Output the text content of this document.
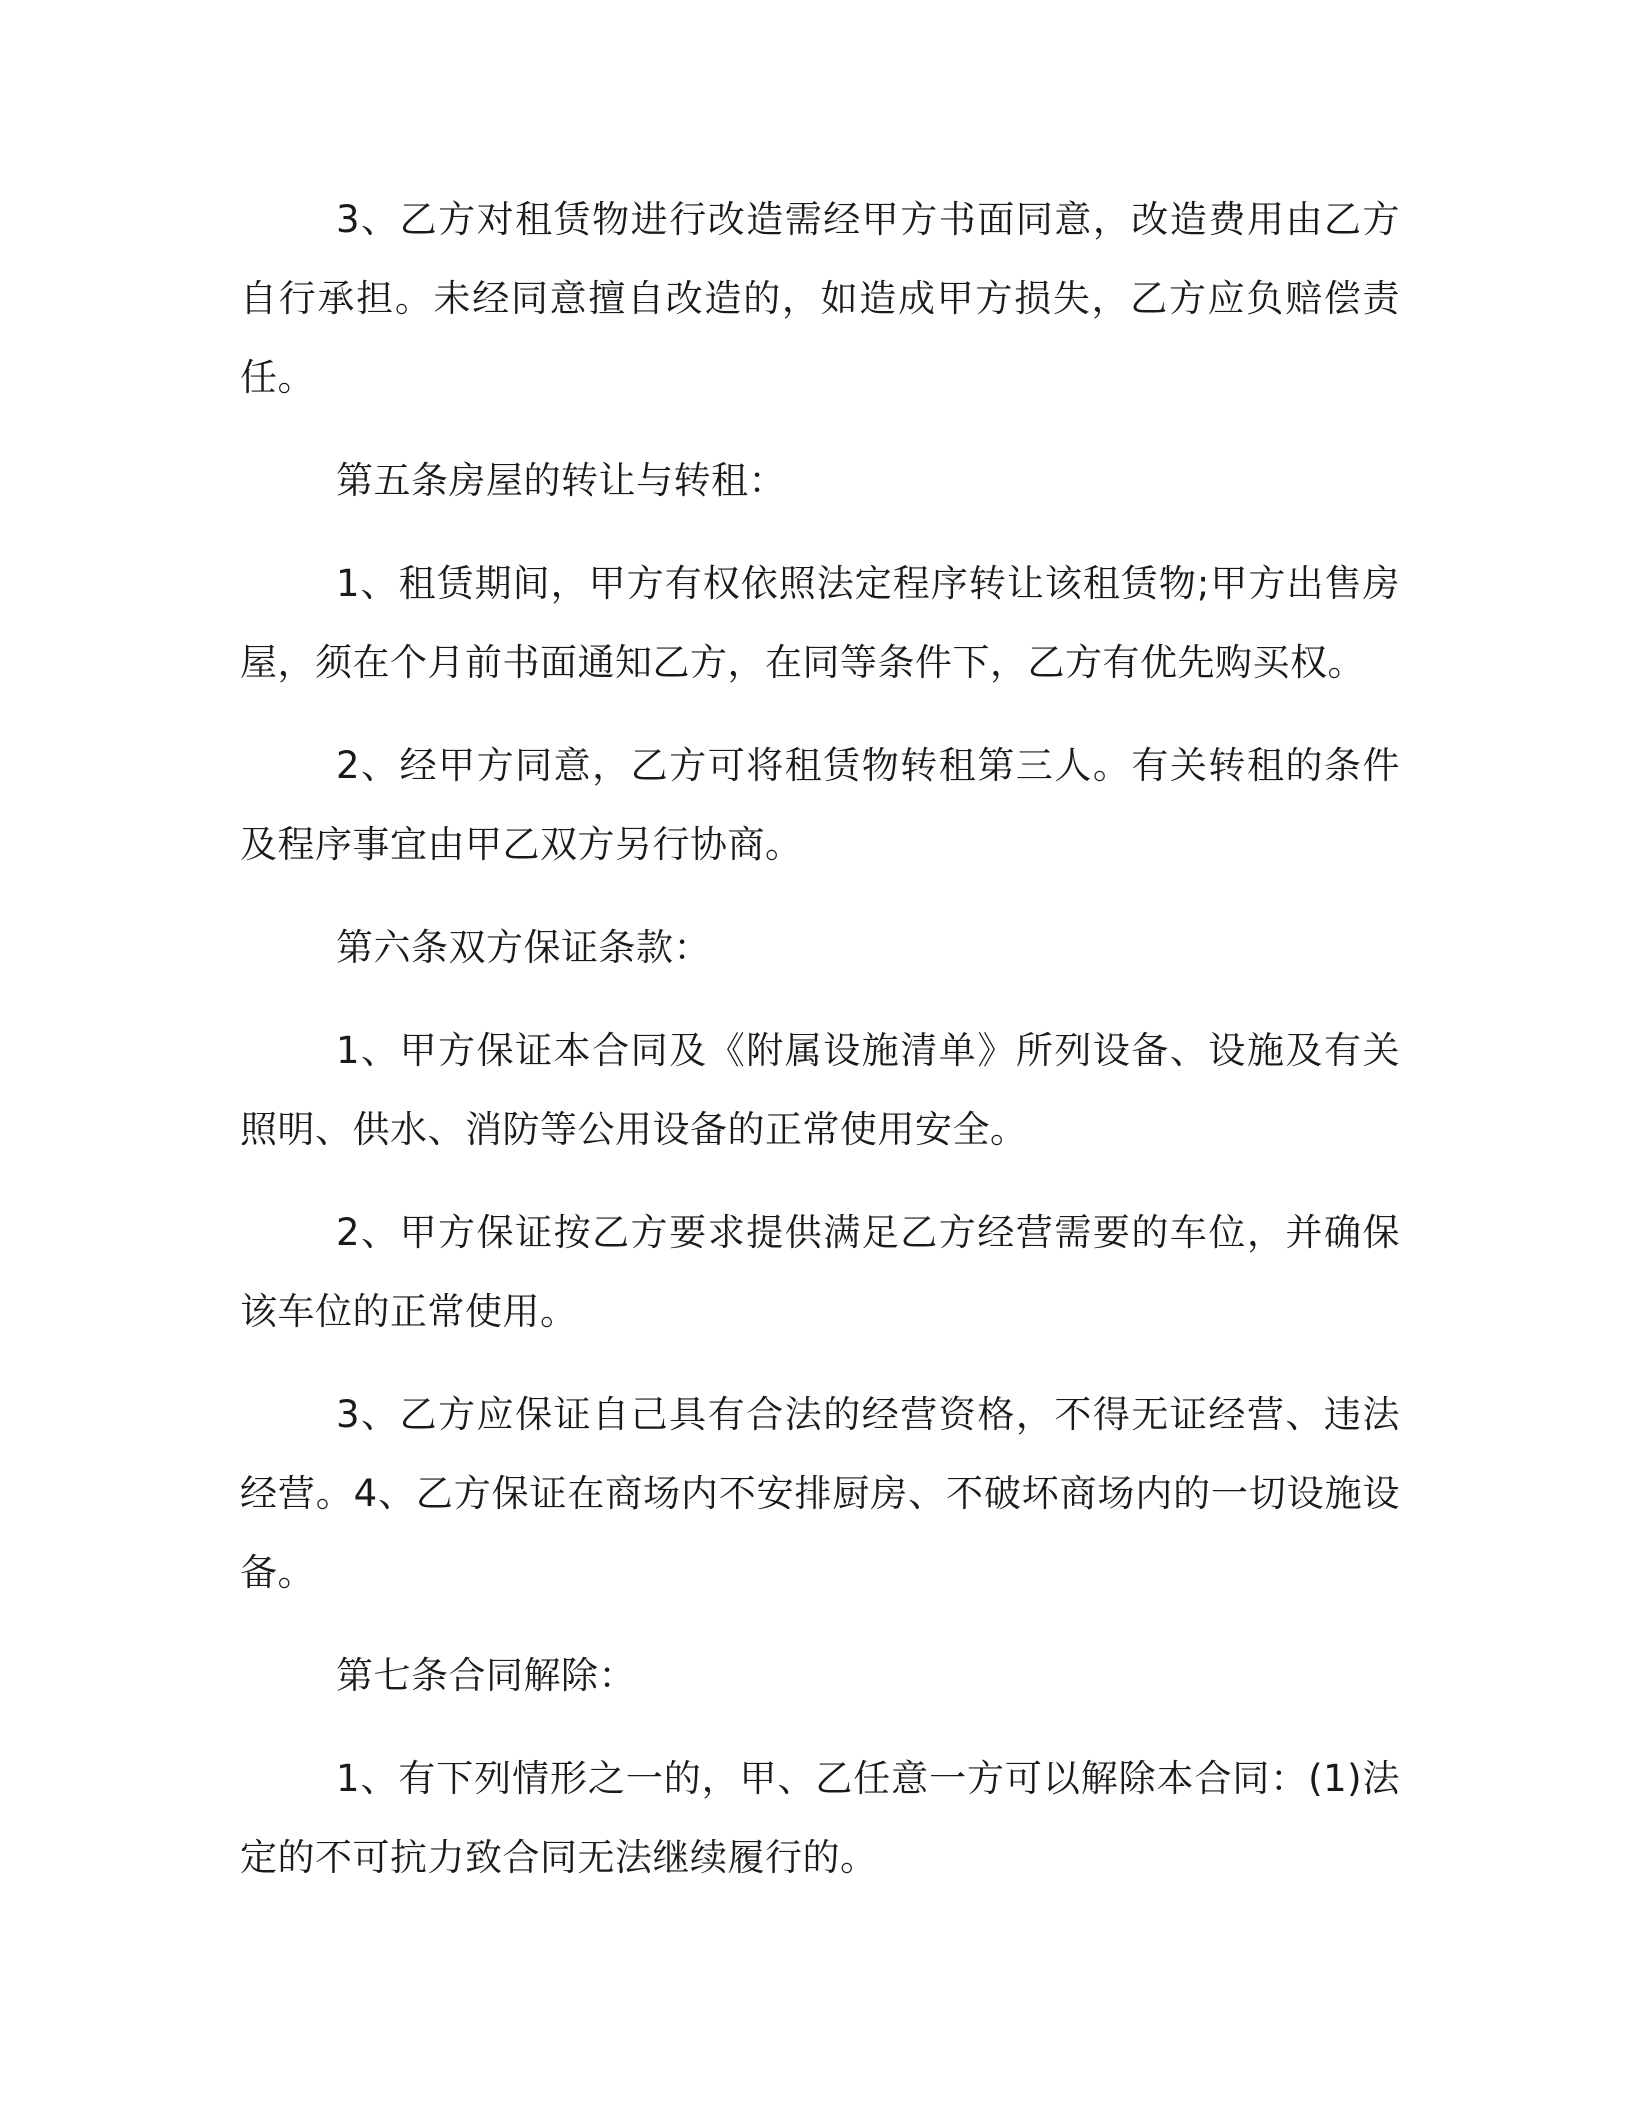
3、乙方对租赁物进行改造需经甲方书面同意，改造费用由乙方自行承担。未经同意擅自改造的，如造成甲方损失，乙方应负赔偿责任。

第五条房屋的转让与转租：

1、租赁期间，甲方有权依照法定程序转让该租赁物;甲方出售房屋，须在个月前书面通知乙方，在同等条件下，乙方有优先购买权。

2、经甲方同意，乙方可将租赁物转租第三人。有关转租的条件及程序事宜由甲乙双方另行协商。

第六条双方保证条款：

1、甲方保证本合同及《附属设施清单》所列设备、设施及有关照明、供水、消防等公用设备的正常使用安全。

2、甲方保证按乙方要求提供满足乙方经营需要的车位，并确保该车位的正常使用。

3、乙方应保证自己具有合法的经营资格，不得无证经营、违法经营。4、乙方保证在商场内不安排厨房、不破坏商场内的一切设施设备。

第七条合同解除：

1、有下列情形之一的，甲、乙任意一方可以解除本合同：(1)法定的不可抗力致合同无法继续履行的。
